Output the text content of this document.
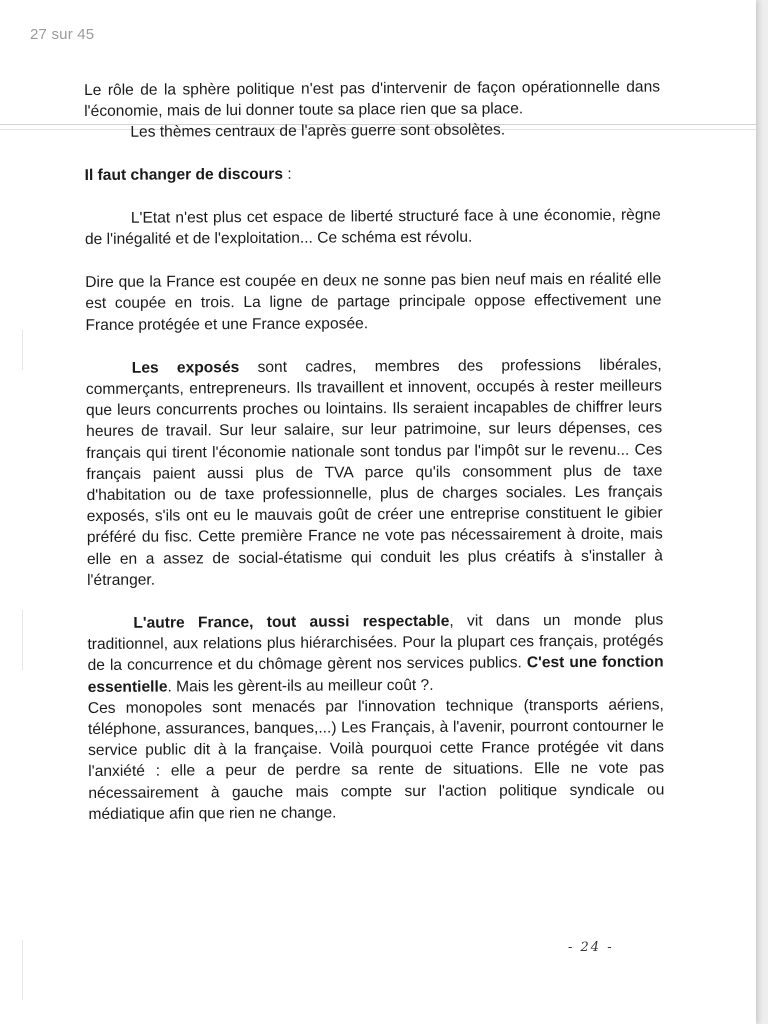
27 sur 45

Le rôle de la sphère politique n'est pas d'intervenir de façon opérationnelle dans l'économie, mais de lui donner toute sa place rien que sa place.

Les thèmes centraux de l'après guerre sont obsolètes.

Il faut changer de discours :

L'Etat n'est plus cet espace de liberté structuré face à une économie, règne de l'inégalité et de l'exploitation... Ce schéma est révolu.

Dire que la France est coupée en deux ne sonne pas bien neuf mais en réalité elle est coupée en trois. La ligne de partage principale oppose effectivement une France protégée et une France exposée.

Les exposés sont cadres, membres des professions libérales, commerçants, entrepreneurs. Ils travaillent et innovent, occupés à rester meilleurs que leurs concurrents proches ou lointains. Ils seraient incapables de chiffrer leurs heures de travail. Sur leur salaire, sur leur patrimoine, sur leurs dépenses, ces français qui tirent l'économie nationale sont tondus par l'impôt sur le revenu... Ces français paient aussi plus de TVA parce qu'ils consomment plus de taxe d'habitation ou de taxe professionnelle, plus de charges sociales. Les français exposés, s'ils ont eu le mauvais goût de créer une entreprise constituent le gibier préféré du fisc. Cette première France ne vote pas nécessairement à droite, mais elle en a assez de social-étatisme qui conduit les plus créatifs à s'installer à l'étranger.

L'autre France, tout aussi respectable, vit dans un monde plus traditionnel, aux relations plus hiérarchisées. Pour la plupart ces français, protégés de la concurrence et du chômage gèrent nos services publics. C'est une fonction essentielle. Mais les gèrent-ils au meilleur coût ?.

Ces monopoles sont menacés par l'innovation technique (transports aériens, téléphone, assurances, banques,...) Les Français, à l'avenir, pourront contourner le service public dit à la française. Voilà pourquoi cette France protégée vit dans l'anxiété : elle a peur de perdre sa rente de situations. Elle ne vote pas nécessairement à gauche mais compte sur l'action politique syndicale ou médiatique afin que rien ne change.

- 24 -
